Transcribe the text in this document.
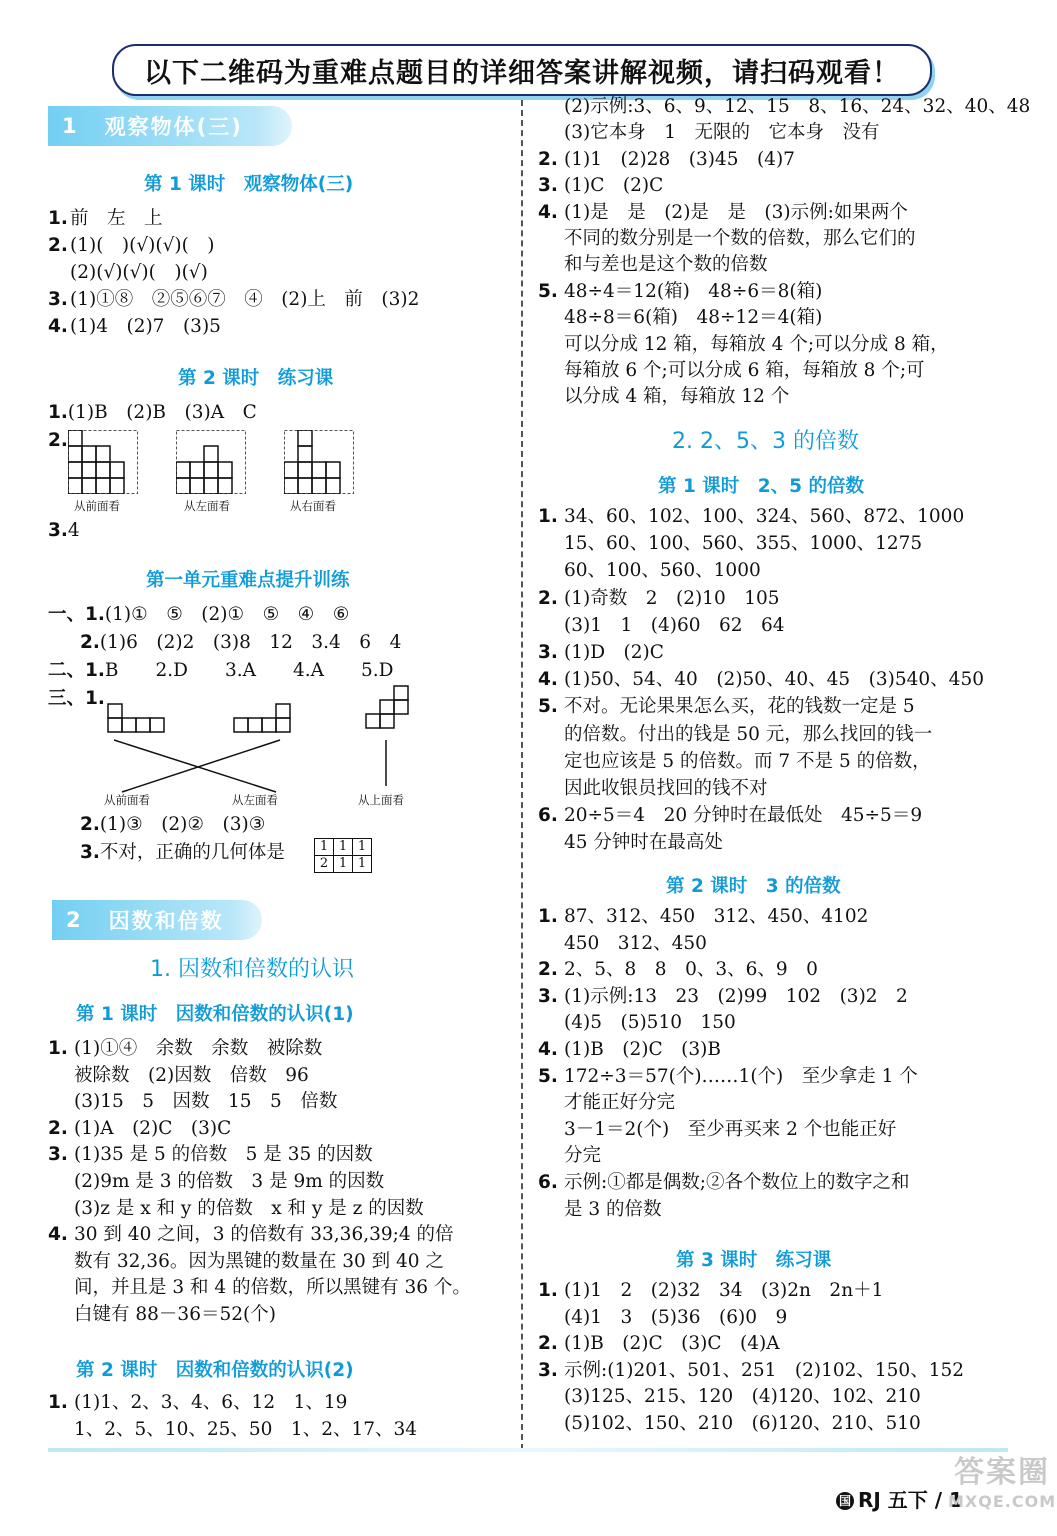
以下二维码为重难点题目的详细答案讲解视频，请扫码观看！
1 观察物体(三)
第 1 课时　观察物体(三)
1. 前　左　上
2. (1)(　)(√)(√)(　)
(2)(√)(√)(　)(√)
3. (1)①⑧　②⑤⑥⑦　④　(2)上　前　(3)2
4. (1)4　(2)7　(3)5
第 2 课时　练习课
1.(1)B　(2)B　(3)A　C
2.
从前面看	从左面看	从右面看
3.4
第一单元重难点提升训练
一、1.(1)①　⑤　(2)①　⑤　④　⑥
2.(1)6　(2)2　(3)8　12　3.4　6　4
二、1.B　　2.D　　3.A　　4.A　　5.D
三、1.
从前面看	从左面看	从上面看
2.(1)③　(2)②　(3)③
3.不对，正确的几何体是	1	1	1
2	1	1
2 因数和倍数
1. 因数和倍数的认识
第 1 课时　因数和倍数的认识(1)
1. (1)①④　余数　余数　被除数
被除数　(2)因数　倍数　96
(3)15　5　因数　15　5　倍数
2. (1)A　(2)C　(3)C
3. (1)35 是 5 的倍数　5 是 35 的因数
(2)9m 是 3 的倍数　3 是 9m 的因数
(3)z 是 x 和 y 的倍数　x 和 y 是 z 的因数
4. 30 到 40 之间，3 的倍数有 33,36,39;4 的倍
数有 32,36。因为黑键的数量在 30 到 40 之
间，并且是 3 和 4 的倍数，所以黑键有 36 个。
白键有 88－36＝52(个)
第 2 课时　因数和倍数的认识(2)
1. (1)1、2、3、4、6、12　1、19
1、2、5、10、25、50　1、2、17、34
(2)示例:3、6、9、12、15　8、16、24、32、40、48
(3)它本身　1　无限的　它本身　没有
2. (1)1　(2)28　(3)45　(4)7
3. (1)C　(2)C
4. (1)是　是　(2)是　是　(3)示例:如果两个
不同的数分别是一个数的倍数，那么它们的
和与差也是这个数的倍数
5. 48÷4＝12(箱)　48÷6＝8(箱)
48÷8＝6(箱)　48÷12＝4(箱)
可以分成 12 箱，每箱放 4 个;可以分成 8 箱，
每箱放 6 个;可以分成 6 箱，每箱放 8 个;可
以分成 4 箱，每箱放 12 个
2. 2、5、3 的倍数
第 1 课时　2、5 的倍数
1. 34、60、102、100、324、560、872、1000
15、60、100、560、355、1000、1275
60、100、560、1000
2. (1)奇数　2　(2)10　105
(3)1　1　(4)60　62　64
3. (1)D　(2)C
4. (1)50、54、40　(2)50、40、45　(3)540、450
5. 不对。无论果果怎么买，花的钱数一定是 5
的倍数。付出的钱是 50 元，那么找回的钱一
定也应该是 5 的倍数。而 7 不是 5 的倍数，
因此收银员找回的钱不对
6. 20÷5＝4　20 分钟时在最低处　45÷5＝9
45 分钟时在最高处
第 2 课时　3 的倍数
1. 87、312、450　312、450、4102
450　312、450
2. 2、5、8　8　0、3、6、9　0
3. (1)示例:13　23　(2)99　102　(3)2　2
(4)5　(5)510　150
4. (1)B　(2)C　(3)B
5. 172÷3＝57(个)……1(个)　至少拿走 1 个
才能正好分完
3－1＝2(个)　至少再买来 2 个也能正好
分完
6. 示例:①都是偶数;②各个数位上的数字之和
是 3 的倍数
第 3 课时　练习课
1. (1)1　2　(2)32　34　(3)2n　2n＋1
(4)1　3　(5)36　(6)0　9
2. (1)B　(2)C　(3)C　(4)A
3. 示例:(1)201、501、251　(2)102、150、152
(3)125、215、120　(4)120、102、210
(5)102、150、210　(6)120、210、510
国 RJ 五下 / 1
答案圈
MXQE.COM
